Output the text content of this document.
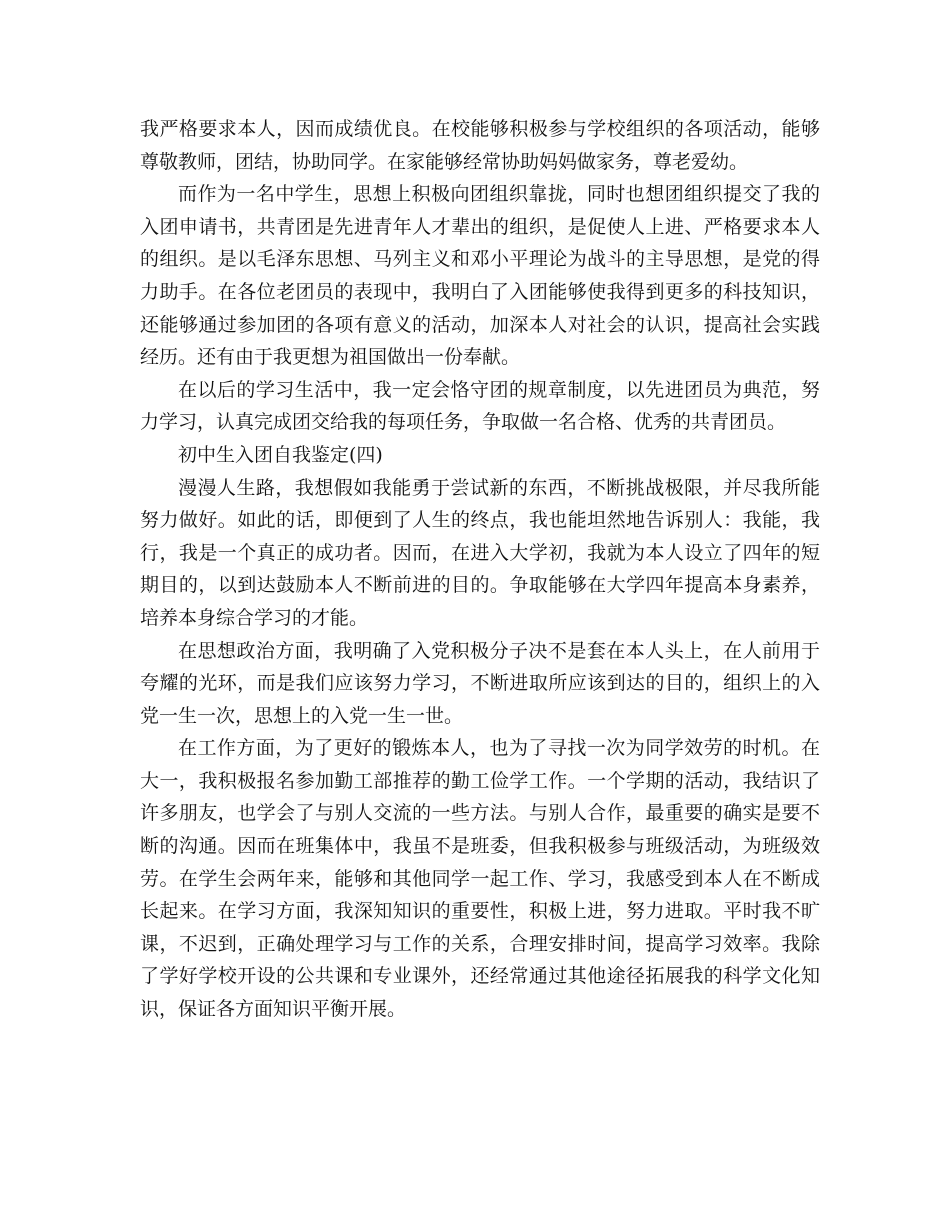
我严格要求本人，因而成绩优良。在校能够积极参与学校组织的各项活动，能够尊敬教师，团结，协助同学。在家能够经常协助妈妈做家务，尊老爱幼。

而作为一名中学生，思想上积极向团组织靠拢，同时也想团组织提交了我的入团申请书，共青团是先进青年人才辈出的组织，是促使人上进、严格要求本人的组织。是以毛泽东思想、马列主义和邓小平理论为战斗的主导思想，是党的得力助手。在各位老团员的表现中，我明白了入团能够使我得到更多的科技知识，还能够通过参加团的各项有意义的活动，加深本人对社会的认识，提高社会实践经历。还有由于我更想为祖国做出一份奉献。

在以后的学习生活中，我一定会恪守团的规章制度，以先进团员为典范，努力学习，认真完成团交给我的每项任务，争取做一名合格、优秀的共青团员。

初中生入团自我鉴定(四)

漫漫人生路，我想假如我能勇于尝试新的东西，不断挑战极限，并尽我所能努力做好。如此的话，即便到了人生的终点，我也能坦然地告诉别人：我能，我行，我是一个真正的成功者。因而，在进入大学初，我就为本人设立了四年的短期目的，以到达鼓励本人不断前进的目的。争取能够在大学四年提高本身素养，培养本身综合学习的才能。

在思想政治方面，我明确了入党积极分子决不是套在本人头上，在人前用于夸耀的光环，而是我们应该努力学习，不断进取所应该到达的目的，组织上的入党一生一次，思想上的入党一生一世。

在工作方面，为了更好的锻炼本人，也为了寻找一次为同学效劳的时机。在大一，我积极报名参加勤工部推荐的勤工俭学工作。一个学期的活动，我结识了许多朋友，也学会了与别人交流的一些方法。与别人合作，最重要的确实是要不断的沟通。因而在班集体中，我虽不是班委，但我积极参与班级活动，为班级效劳。在学生会两年来，能够和其他同学一起工作、学习，我感受到本人在不断成长起来。在学习方面，我深知知识的重要性，积极上进，努力进取。平时我不旷课，不迟到，正确处理学习与工作的关系，合理安排时间，提高学习效率。我除了学好学校开设的公共课和专业课外，还经常通过其他途径拓展我的科学文化知识，保证各方面知识平衡开展。
